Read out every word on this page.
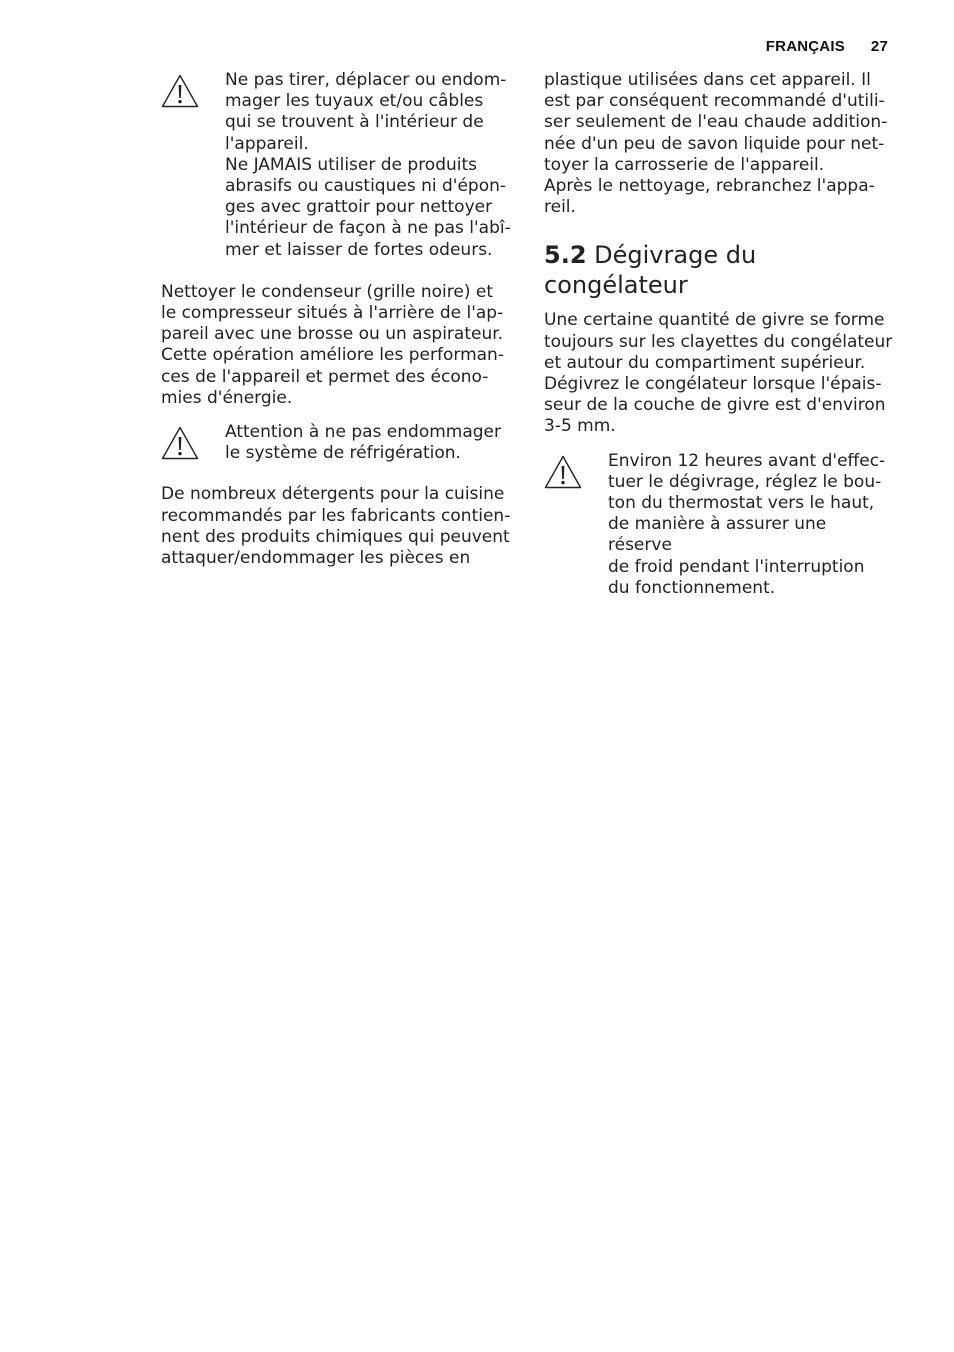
FRANÇAIS 27

Ne pas tirer, déplacer ou endom-
mager les tuyaux et/ou câbles
qui se trouvent à l'intérieur de
l'appareil.
Ne JAMAIS utiliser de produits
abrasifs ou caustiques ni d'épon-
ges avec grattoir pour nettoyer
l'intérieur de façon à ne pas l'abî-
mer et laisser de fortes odeurs.

Nettoyer le condenseur (grille noire) et
le compresseur situés à l'arrière de l'ap-
pareil avec une brosse ou un aspirateur.
Cette opération améliore les performan-
ces de l'appareil et permet des écono-
mies d'énergie.

Attention à ne pas endommager
le système de réfrigération.

De nombreux détergents pour la cuisine
recommandés par les fabricants contien-
nent des produits chimiques qui peuvent
attaquer/endommager les pièces en

plastique utilisées dans cet appareil. Il
est par conséquent recommandé d'utili-
ser seulement de l'eau chaude addition-
née d'un peu de savon liquide pour net-
toyer la carrosserie de l'appareil.
Après le nettoyage, rebranchez l'appa-
reil.

5.2 Dégivrage du congélateur

Une certaine quantité de givre se forme
toujours sur les clayettes du congélateur
et autour du compartiment supérieur.
Dégivrez le congélateur lorsque l'épais-
seur de la couche de givre est d'environ
3-5 mm.

Environ 12 heures avant d'effec-
tuer le dégivrage, réglez le bou-
ton du thermostat vers le haut,
de manière à assurer une réserve
de froid pendant l'interruption
du fonctionnement.
